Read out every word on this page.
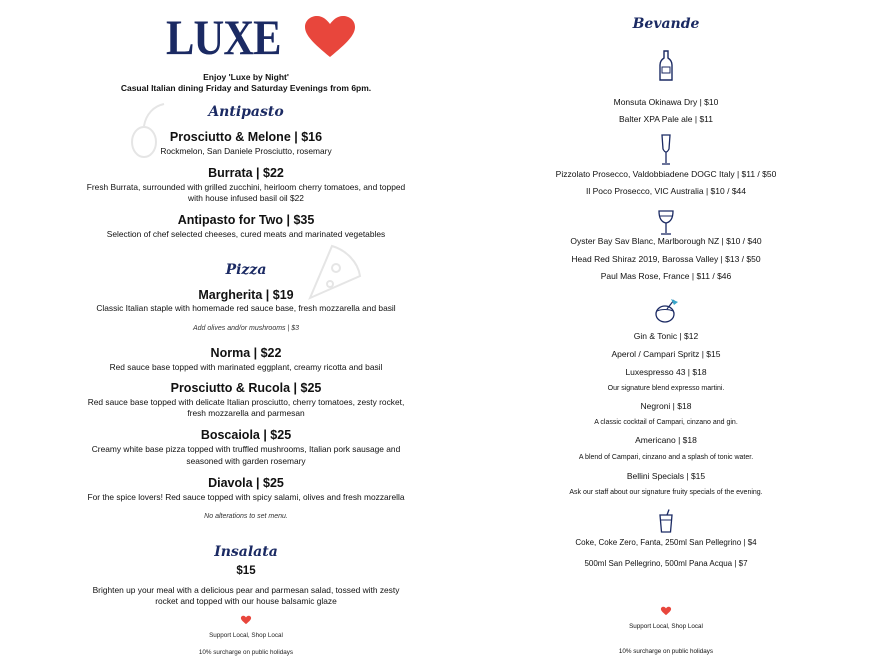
LUXE
Enjoy 'Luxe by Night'
Casual Italian dining Friday and Saturday Evenings from 6pm.
Antipasto
Prosciutto & Melone | $16
Rockmelon, San Daniele Prosciutto, rosemary
Burrata | $22
Fresh Burrata, surrounded with grilled zucchini, heirloom cherry tomatoes, and topped
with house infused basil oil $22
Antipasto for Two | $35
Selection of chef selected cheeses, cured meats and marinated vegetables
Pizza
Margherita | $19
Classic Italian staple with homemade red sauce base, fresh mozzarella and basil
Add olives and/or mushrooms | $3
Norma | $22
Red sauce base topped with marinated eggplant, creamy ricotta and basil
Prosciutto & Rucola | $25
Red sauce base topped with delicate Italian prosciutto, cherry tomatoes, zesty rocket,
fresh mozzarella and parmesan
Boscaiola | $25
Creamy white base pizza topped with truffled mushrooms, Italian pork sausage and
seasoned with garden rosemary
Diavola | $25
For the spice lovers! Red sauce topped with spicy salami, olives and fresh mozzarella
No alterations to set menu.
Insalata
$15
Brighten up your meal with a delicious pear and parmesan salad, tossed with zesty
rocket and topped with our house balsamic glaze
Support Local, Shop Local
10% surcharge on public holidays
Bevande
Monsuta Okinawa Dry | $10
Balter XPA Pale ale | $11
Pizzolato Prosecco, Valdobbiadene DOGC Italy | $11 / $50
Il Poco Prosecco, VIC Australia | $10 / $44
Oyster Bay Sav Blanc, Marlborough NZ | $10 / $40
Head Red Shiraz 2019, Barossa Valley | $13 / $50
Paul Mas Rose, France | $11 / $46
Gin & Tonic | $12
Aperol / Campari Spritz | $15
Luxespresso 43 | $18
Our signature blend expresso martini.
Negroni | $18
A classic cocktail of Campari, cinzano and gin.
Americano | $18
A blend of Campari, cinzano and a splash of tonic water.
Bellini Specials | $15
Ask our staff about our signature fruity specials of the evening.
Coke, Coke Zero, Fanta, 250ml San Pellegrino | $4
500ml San Pellegrino, 500ml Pana Acqua | $7
Support Local, Shop Local
10% surcharge on public holidays
